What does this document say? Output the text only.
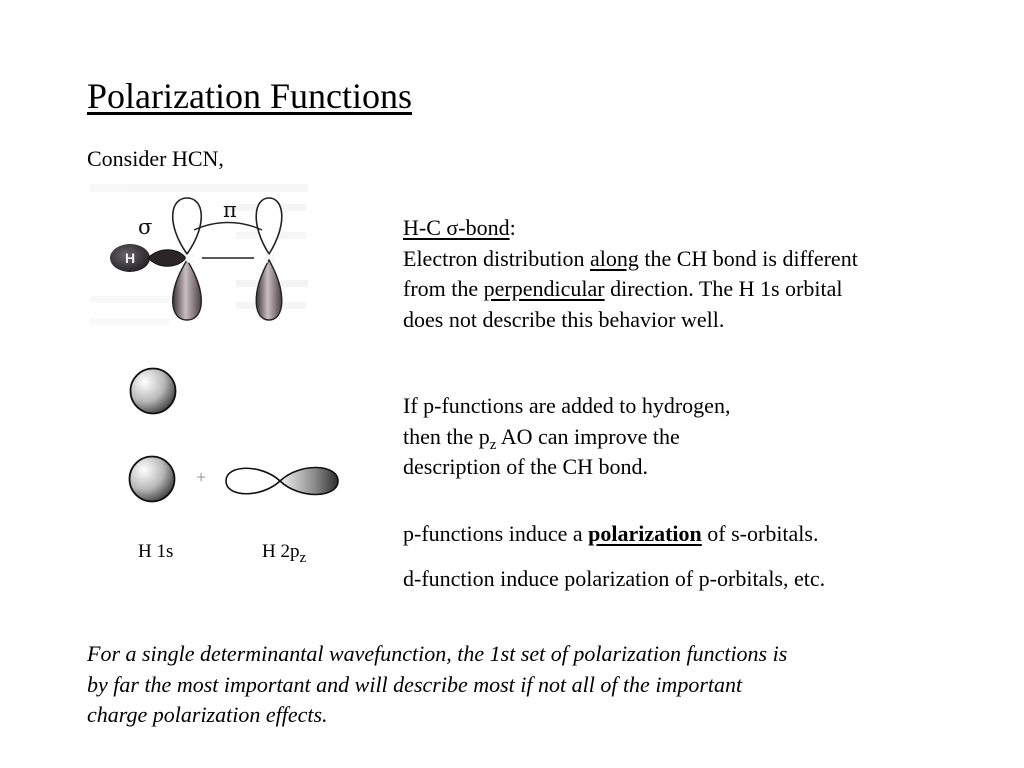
Polarization Functions
Consider HCN,
H	C	N
σ
π
+
H 1s	H $2p_z$
H-C σ-bond:
Electron distribution along the CH bond is different
from the perpendicular direction. The H 1s orbital
does not describe this behavior well.
If p-functions are added to hydrogen,
then the $p_z$ AO can improve the
description of the CH bond.
p-functions induce a polarization of s-orbitals.
d-function induce polarization of p-orbitals, etc.
For a single determinantal wavefunction, the 1st set of polarization functions is
by far the most important and will describe most if not all of the important
charge polarization effects.
